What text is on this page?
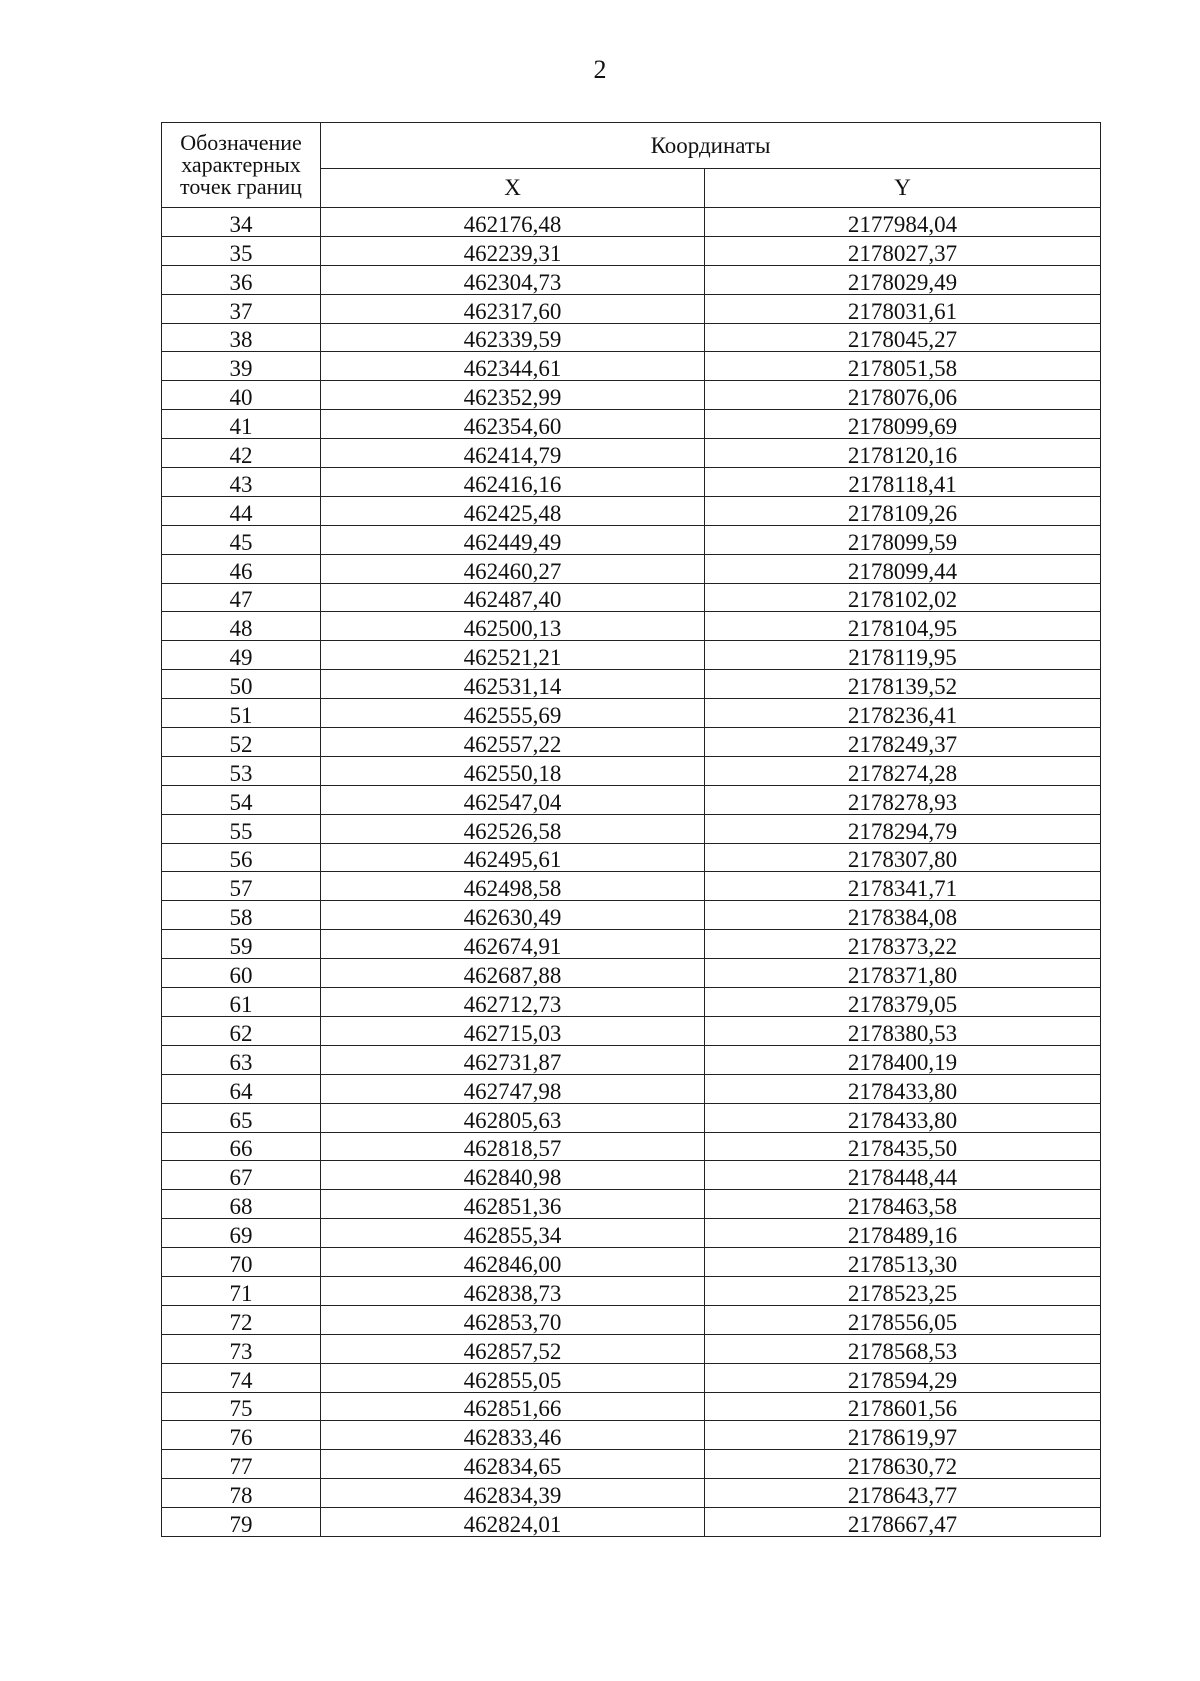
2
Обозначение характерных точек границ	Координаты	
	X	Y
34	462176,48	2177984,04
35	462239,31	2178027,37
36	462304,73	2178029,49
37	462317,60	2178031,61
38	462339,59	2178045,27
39	462344,61	2178051,58
40	462352,99	2178076,06
41	462354,60	2178099,69
42	462414,79	2178120,16
43	462416,16	2178118,41
44	462425,48	2178109,26
45	462449,49	2178099,59
46	462460,27	2178099,44
47	462487,40	2178102,02
48	462500,13	2178104,95
49	462521,21	2178119,95
50	462531,14	2178139,52
51	462555,69	2178236,41
52	462557,22	2178249,37
53	462550,18	2178274,28
54	462547,04	2178278,93
55	462526,58	2178294,79
56	462495,61	2178307,80
57	462498,58	2178341,71
58	462630,49	2178384,08
59	462674,91	2178373,22
60	462687,88	2178371,80
61	462712,73	2178379,05
62	462715,03	2178380,53
63	462731,87	2178400,19
64	462747,98	2178433,80
65	462805,63	2178433,80
66	462818,57	2178435,50
67	462840,98	2178448,44
68	462851,36	2178463,58
69	462855,34	2178489,16
70	462846,00	2178513,30
71	462838,73	2178523,25
72	462853,70	2178556,05
73	462857,52	2178568,53
74	462855,05	2178594,29
75	462851,66	2178601,56
76	462833,46	2178619,97
77	462834,65	2178630,72
78	462834,39	2178643,77
79	462824,01	2178667,47
